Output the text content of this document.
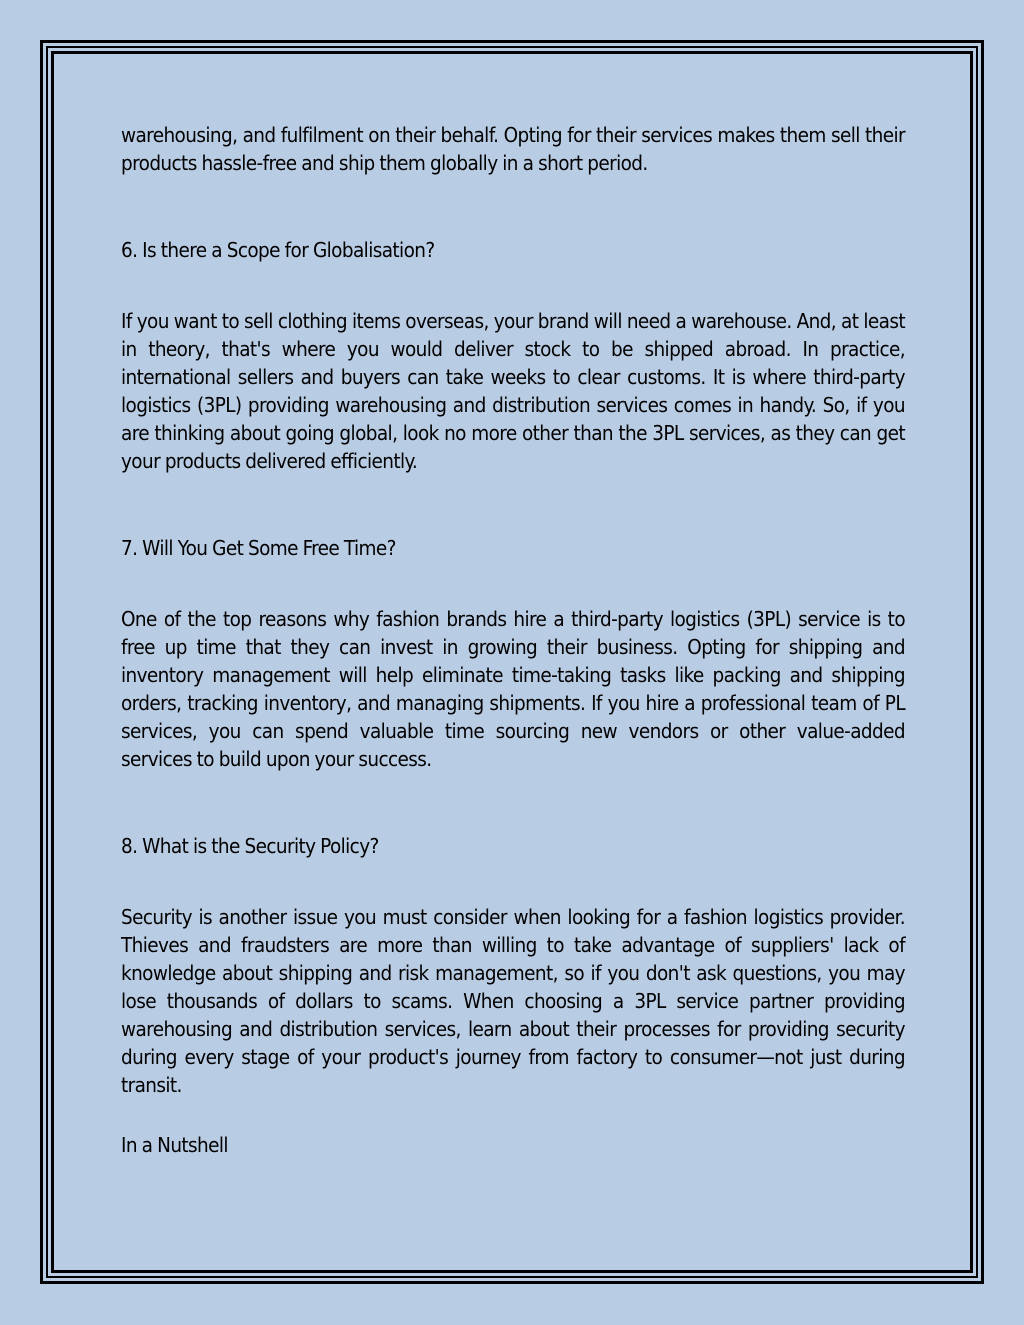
warehousing, and fulfilment on their behalf. Opting for their services makes them sell their products hassle-free and ship them globally in a short period.

6. Is there a Scope for Globalisation?

If you want to sell clothing items overseas, your brand will need a warehouse. And, at least in theory, that's where you would deliver stock to be shipped abroad. In practice, international sellers and buyers can take weeks to clear customs. It is where third-party logistics (3PL) providing warehousing and distribution services comes in handy. So, if you are thinking about going global, look no more other than the 3PL services, as they can get your products delivered efficiently.

7. Will You Get Some Free Time?

One of the top reasons why fashion brands hire a third-party logistics (3PL) service is to free up time that they can invest in growing their business. Opting for shipping and inventory management will help eliminate time-taking tasks like packing and shipping orders, tracking inventory, and managing shipments. If you hire a professional team of PL services, you can spend valuable time sourcing new vendors or other value-added services to build upon your success.

8. What is the Security Policy?

Security is another issue you must consider when looking for a fashion logistics provider. Thieves and fraudsters are more than willing to take advantage of suppliers' lack of knowledge about shipping and risk management, so if you don't ask questions, you may lose thousands of dollars to scams. When choosing a 3PL service partner providing warehousing and distribution services, learn about their processes for providing security during every stage of your product's journey from factory to consumer—not just during transit.

In a Nutshell
